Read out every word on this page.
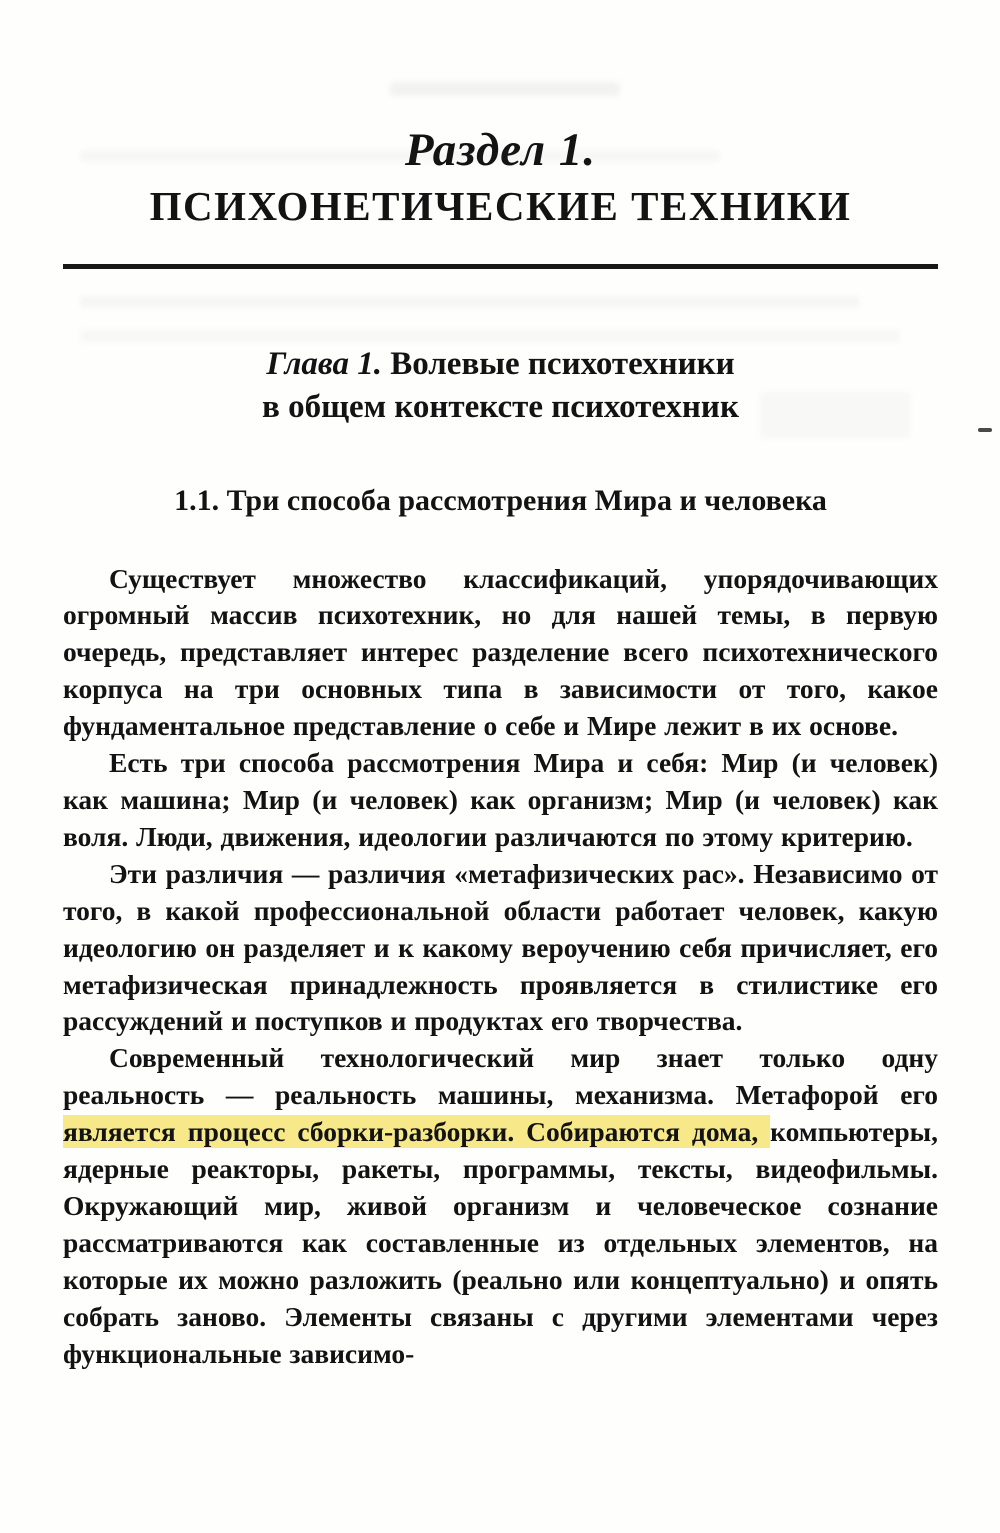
Раздел 1.
ПСИХОНЕТИЧЕСКИЕ ТЕХНИКИ
Глава 1. Волевые психотехники
в общем контексте психотехник
1.1. Три способа рассмотрения Мира и человека

Существует множество классификаций, упорядочивающих огромный массив психотехник, но для нашей темы, в первую очередь, представляет интерес разделение всего психотехнического корпуса на три основных типа в зависимости от того, какое фундаментальное представление о себе и Мире лежит в их основе.

Есть три способа рассмотрения Мира и себя: Мир (и человек) как машина; Мир (и человек) как организм; Мир (и человек) как воля. Люди, движения, идеологии различаются по этому критерию.

Эти различия — различия «метафизических рас». Независимо от того, в какой профессиональной области работает человек, какую идеологию он разделяет и к какому вероучению себя причисляет, его метафизическая принадлежность проявляется в стилистике его рассуждений и поступков и продуктах его творчества.

Современный технологический мир знает только одну реальность — реальность машины, механизма. Метафорой его является процесс сборки-разборки. Собираются дома, компьютеры, ядерные реакторы, ракеты, программы, тексты, видеофильмы. Окружающий мир, живой организм и человеческое сознание рассматриваются как составленные из отдельных элементов, на которые их можно разложить (реально или концептуально) и опять собрать заново. Элементы связаны с другими элементами через функциональные зависимо-
